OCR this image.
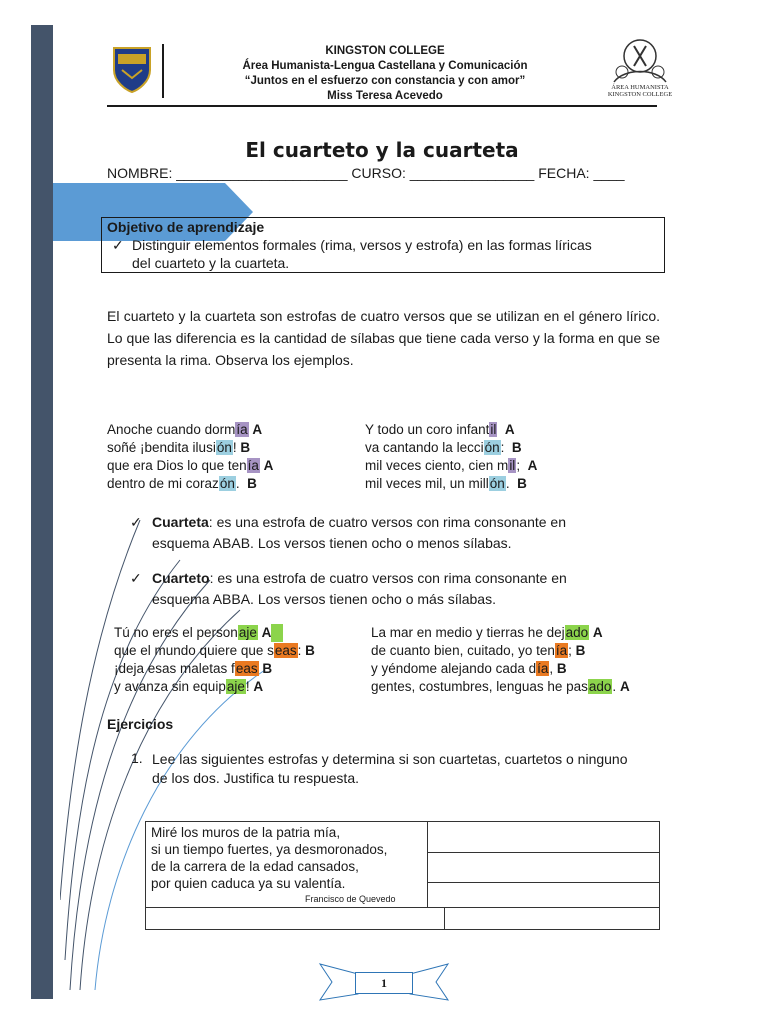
KINGSTON COLLEGE
Área Humanista-Lengua Castellana y Comunicación
“Juntos en el esfuerzo con constancia y con amor”
Miss Teresa Acevedo
ÁREA HUMANISTA
KINGSTON COLLEGE
El cuarteto y la cuarteta
NOMBRE: ______________________ CURSO: ________________ FECHA: ____
Objetivo de aprendizaje
✓ Distinguir elementos formales (rima, versos y estrofa) en las formas líricas
del cuarteto y la cuarteta.
El cuarteto y la cuarteta son estrofas de cuatro versos que se utilizan en el género lírico. Lo que las diferencia es la cantidad de sílabas que tiene cada verso y la forma en que se presenta la rima. Observa los ejemplos.
Anoche cuando dormía A
soñé ¡bendita ilusión! B
que era Dios lo que tenía A
dentro de mi corazón.  B
Y todo un coro infantil A
va cantando la lección:  B
mil veces ciento, cien mil;  A
mil veces mil, un millón.  B
✓ Cuarteta: es una estrofa de cuatro versos con rima consonante en
esquema ABAB. Los versos tienen ocho o menos sílabas.
✓ Cuarteto: es una estrofa de cuatro versos con rima consonante en
esquema ABBA. Los versos tienen ocho o más sílabas.
Tú no eres el personaje A
que el mundo quiere que seas: B
¡deja esas maletas feas B
y avanza sin equipaje! A
La mar en medio y tierras he dejado A
de cuanto bien, cuitado, yo tenía; B
y yéndome alejando cada día, B
gentes, costumbres, lenguas he pasado. A
Ejercicios
1. Lee las siguientes estrofas y determina si son cuartetas, cuartetos o ninguno de los dos. Justifica tu respuesta.
Miré los muros de la patria mía,
si un tiempo fuertes, ya desmoronados,
de la carrera de la edad cansados,
por quien caduca ya su valentía.
Francisco de Quevedo
1
